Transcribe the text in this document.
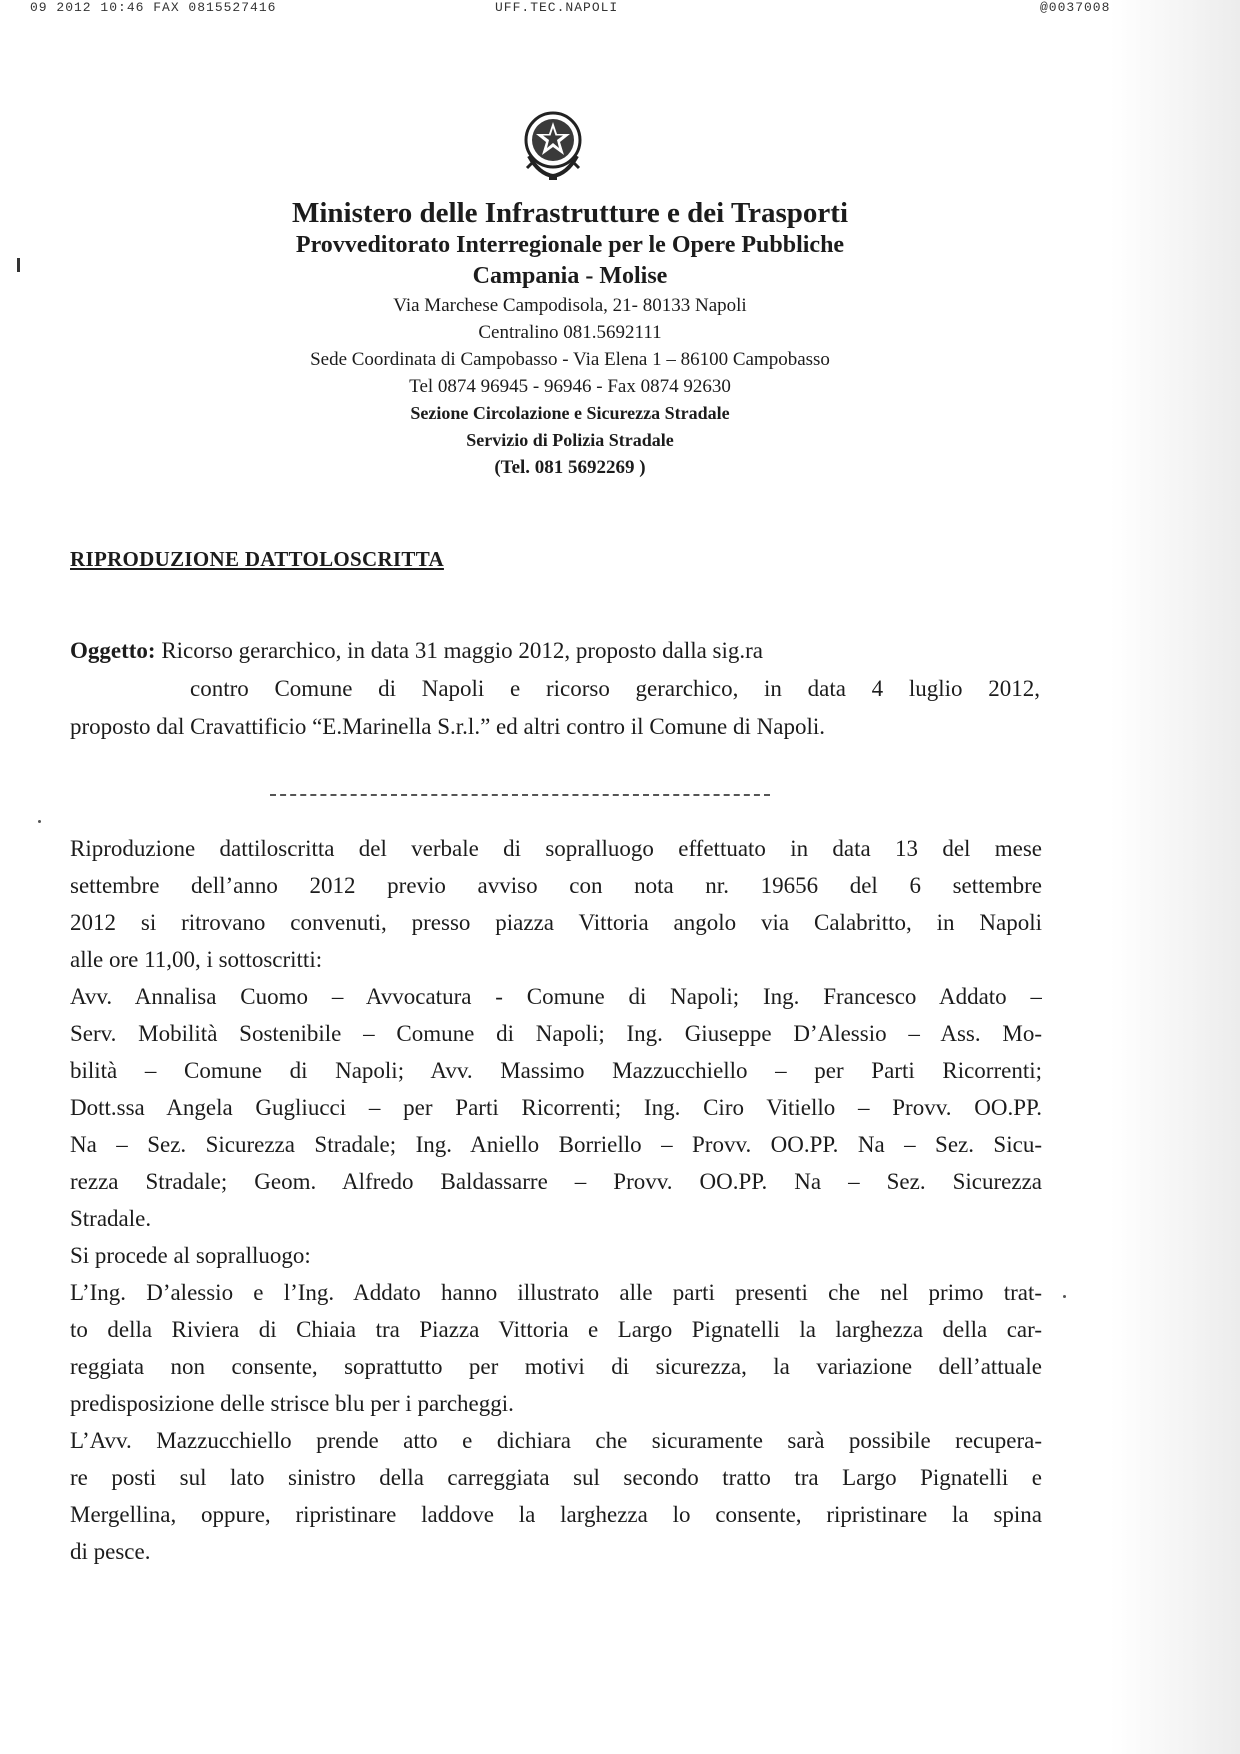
09 2012 10:46 FAX 0815527416	UFF.TEC.NAPOLI	@0037008
Ministero delle Infrastrutture e dei Trasporti
Provveditorato Interregionale per le Opere Pubbliche
Campania - Molise
Via Marchese Campodisola, 21- 80133 Napoli
Centralino 081.5692111
Sede Coordinata di Campobasso - Via Elena 1 – 86100 Campobasso
Tel 0874 96945 - 96946 - Fax 0874 92630
Sezione Circolazione e Sicurezza Stradale
Servizio di Polizia Stradale
(Tel. 081 5692269 )
RIPRODUZIONE DATTOLOSCRITTA
Oggetto: Ricorso gerarchico, in data 31 maggio 2012, proposto dalla sig.ra
contro Comune di Napoli e ricorso gerarchico, in data 4 luglio 2012,
proposto dal Cravattificio “E.Marinella S.r.l.” ed altri contro il Comune di Napoli.
Riproduzione dattiloscritta del verbale di sopralluogo effettuato in data 13 del mese
settembre dell’anno 2012 previo avviso con nota nr. 19656 del 6 settembre
2012 si ritrovano convenuti, presso piazza Vittoria angolo via Calabritto, in Napoli
alle ore 11,00, i sottoscritti:
Avv. Annalisa Cuomo – Avvocatura - Comune di Napoli; Ing. Francesco Addato –
Serv. Mobilità Sostenibile – Comune di Napoli; Ing. Giuseppe D’Alessio – Ass. Mo-
bilità – Comune di Napoli; Avv. Massimo Mazzucchiello – per Parti Ricorrenti;
Dott.ssa Angela Gugliucci – per Parti Ricorrenti; Ing. Ciro Vitiello – Provv. OO.PP.
Na – Sez. Sicurezza Stradale; Ing. Aniello Borriello – Provv. OO.PP. Na – Sez. Sicu-
rezza Stradale; Geom. Alfredo Baldassarre – Provv. OO.PP. Na – Sez. Sicurezza
Stradale.
Si procede al sopralluogo:
L’Ing. D’alessio e l’Ing. Addato hanno illustrato alle parti presenti che nel primo trat-
to della Riviera di Chiaia tra Piazza Vittoria e Largo Pignatelli la larghezza della car-
reggiata non consente, soprattutto per motivi di sicurezza, la variazione dell’attuale
predisposizione delle strisce blu per i parcheggi.
L’Avv. Mazzucchiello prende atto e dichiara che sicuramente sarà possibile recupera-
re posti sul lato sinistro della carreggiata sul secondo tratto tra Largo Pignatelli e
Mergellina, oppure, ripristinare laddove la larghezza lo consente, ripristinare la spina
di pesce.
